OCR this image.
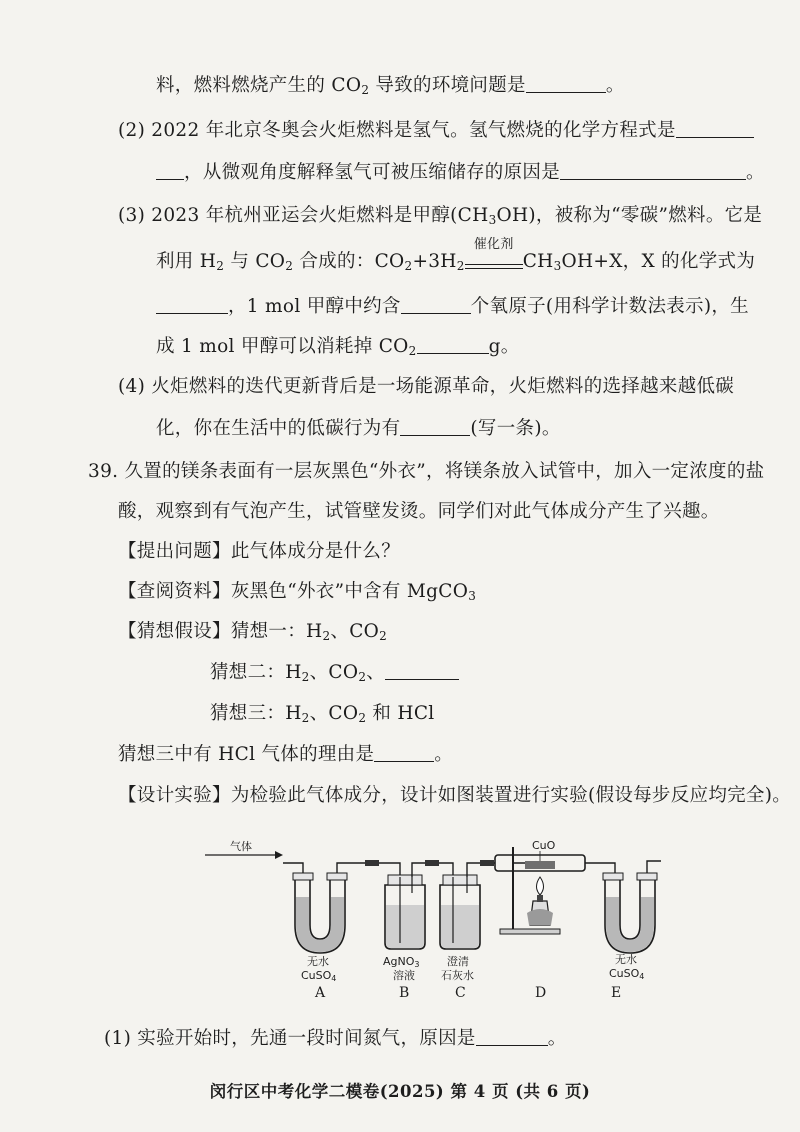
料，燃料燃烧产生的 $CO_2$ 导致的环境问题是	。
(2) 2022 年北京冬奥会火炬燃料是氢气。氢气燃烧的化学方程式是
，从微观角度解释氢气可被压缩储存的原因是	。
(3) 2023 年杭州亚运会火炬燃料是甲醇$(CH_3OH)$，被称为“零碳”燃料。它是
利用 $H_2$ 与 $CO_2$ 合成的：$CO_2+3H_2$
催化剂
CH3OH+X，X 的化学式为
，1 mol 甲醇中约含	个氧原子(用科学计数法表示)，生
成 1 mol 甲醇可以消耗掉 $CO_2$	g。
(4) 火炬燃料的迭代更新背后是一场能源革命，火炬燃料的选择越来越低碳
化，你在生活中的低碳行为有	(写一条)。
39. 久置的镁条表面有一层灰黑色“外衣”，将镁条放入试管中，加入一定浓度的盐
酸，观察到有气泡产生，试管壁发烫。同学们对此气体成分产生了兴趣。
【提出问题】此气体成分是什么？
【查阅资料】灰黑色“外衣”中含有 MgCO$_3$
【猜想假设】猜想一：$H_2$、$CO_2$
猜想二：$H_2$、$CO_2$、
猜想三：$H_2$、$CO_2$ 和 HCl
猜想三中有 HCl 气体的理由是	。
【设计实验】为检验此气体成分，设计如图装置进行实验(假设每步反应均完全)。
气体
无水
CuSO4
AgNO3
溶液
澄清
石灰水
CuO
无水
CuSO4
A	B	C	D	E
(1) 实验开始时，先通一段时间氮气，原因是	。
闵行区中考化学二模卷(2025) 第 4 页 (共 6 页)
